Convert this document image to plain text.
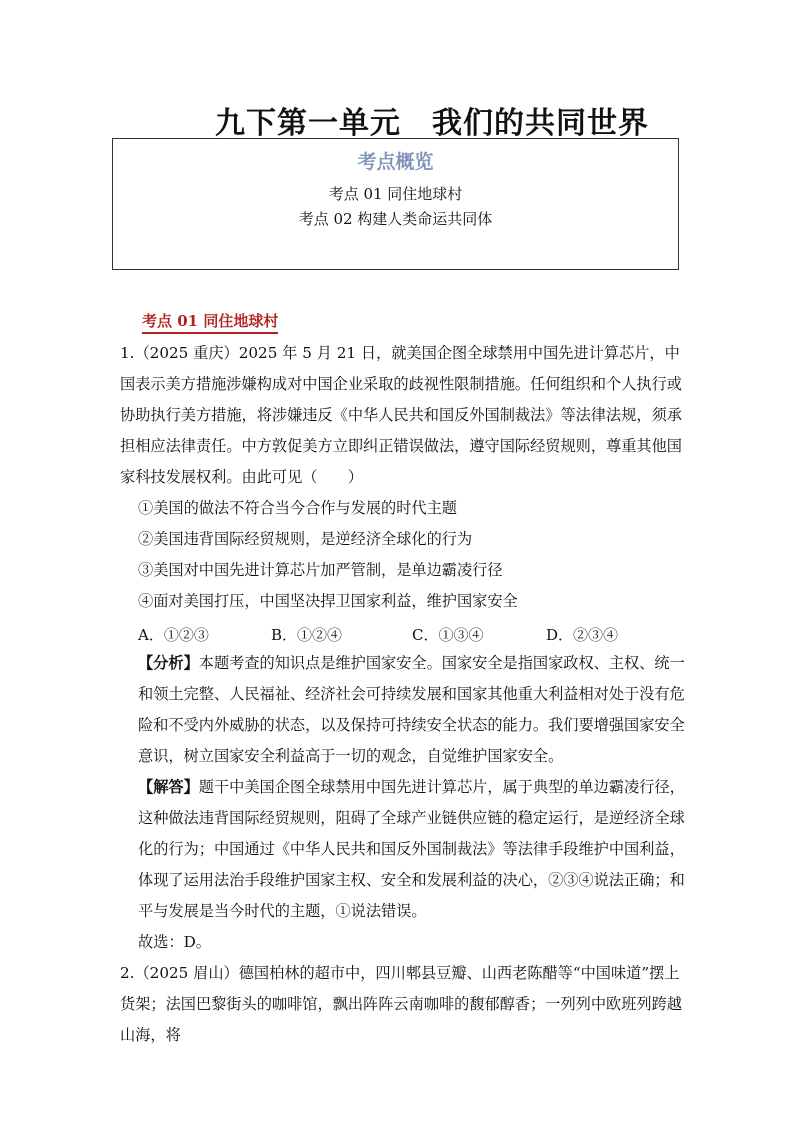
九下第一单元　我们的共同世界
考点概览
考点 01 同住地球村
考点 02 构建人类命运共同体
考点 01 同住地球村
1.（2025 重庆）2025 年 5 月 21 日，就美国企图全球禁用中国先进计算芯片，中国表示美方措施涉嫌构成对中国企业采取的歧视性限制措施。任何组织和个人执行或协助执行美方措施，将涉嫌违反《中华人民共和国反外国制裁法》等法律法规，须承担相应法律责任。中方敦促美方立即纠正错误做法，遵守国际经贸规则，尊重其他国家科技发展权利。由此可见（　　）
①美国的做法不符合当今合作与发展的时代主题
②美国违背国际经贸规则，是逆经济全球化的行为
③美国对中国先进计算芯片加严管制，是单边霸凌行径
④面对美国打压，中国坚决捍卫国家利益，维护国家安全
A．①②③	B．①②④	C．①③④	D．②③④
【分析】本题考查的知识点是维护国家安全。国家安全是指国家政权、主权、统一和领土完整、人民福祉、经济社会可持续发展和国家其他重大利益相对处于没有危险和不受内外威胁的状态，以及保持可持续安全状态的能力。我们要增强国家安全意识，树立国家安全利益高于一切的观念，自觉维护国家安全。
【解答】题干中美国企图全球禁用中国先进计算芯片，属于典型的单边霸凌行径，这种做法违背国际经贸规则，阻碍了全球产业链供应链的稳定运行，是逆经济全球化的行为；中国通过《中华人民共和国反外国制裁法》等法律手段维护中国利益，体现了运用法治手段维护国家主权、安全和发展利益的决心，②③④说法正确；和平与发展是当今时代的主题，①说法错误。
故选：D。
2.（2025 眉山）德国柏林的超市中，四川郫县豆瓣、山西老陈醋等“中国味道”摆上货架；法国巴黎街头的咖啡馆，飘出阵阵云南咖啡的馥郁醇香；一列列中欧班列跨越山海，将
